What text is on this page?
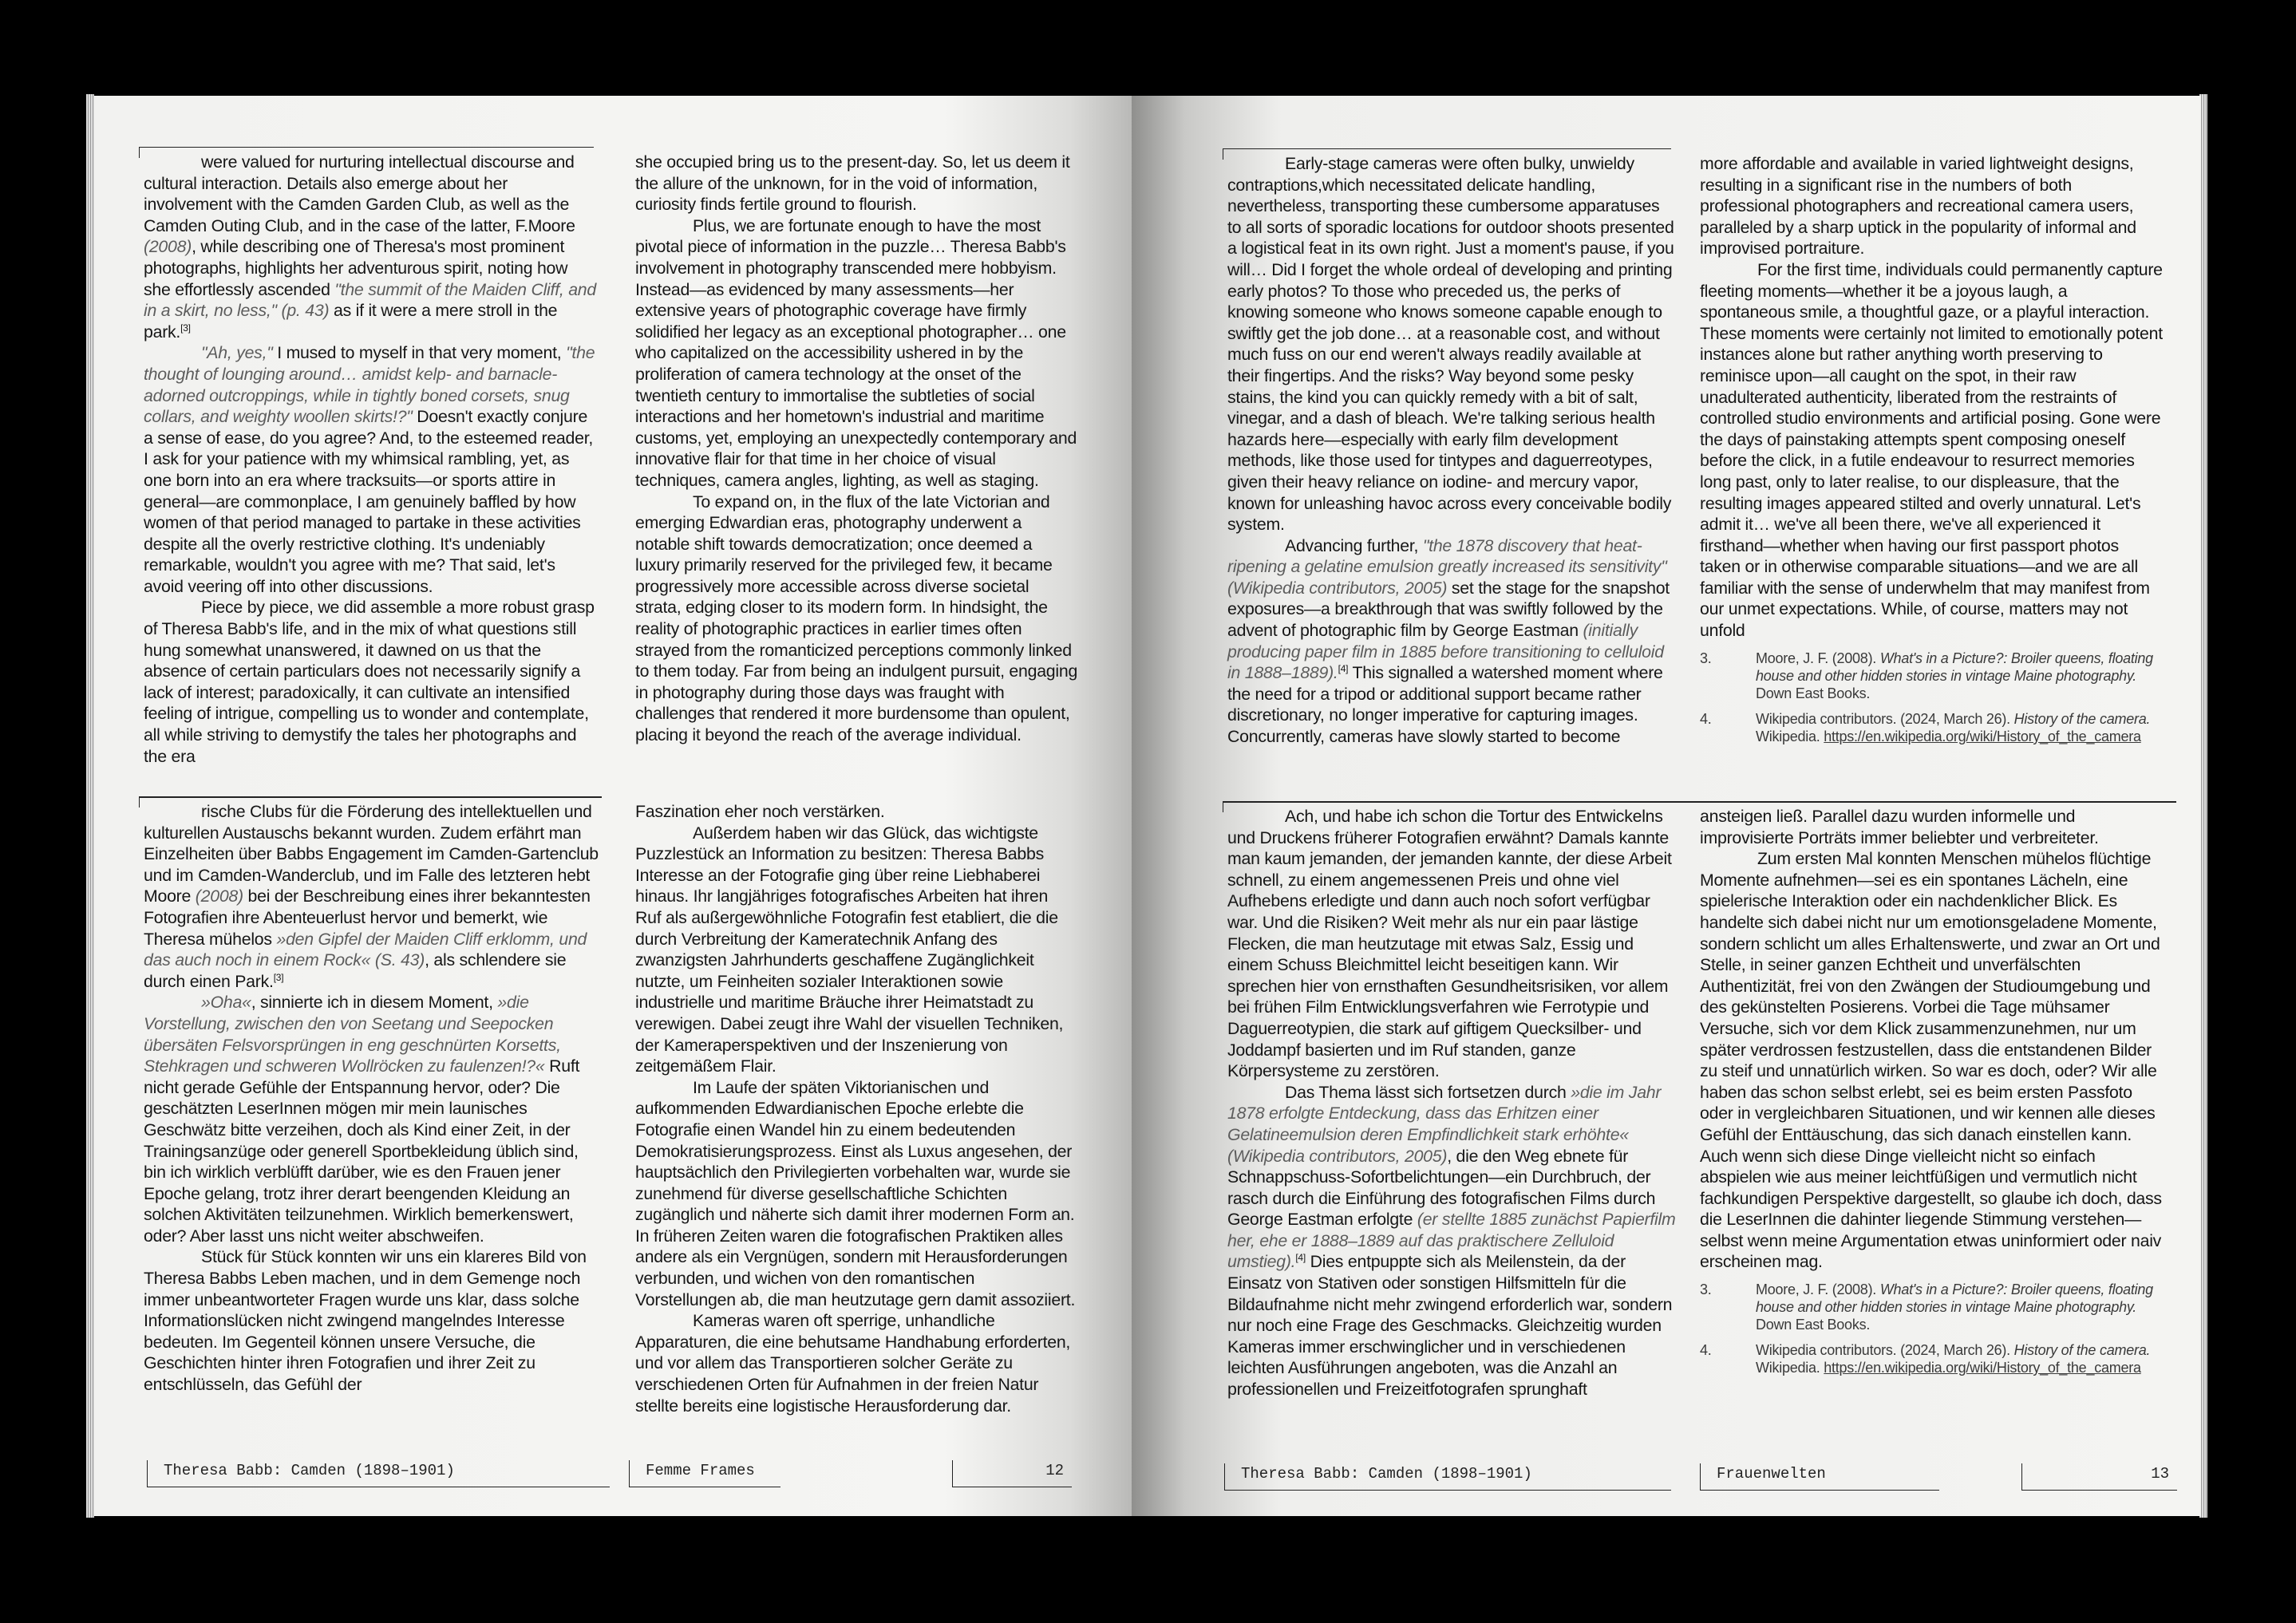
were valued for nurturing intellectual discourse and cultural interaction. Details also emerge about her involvement with the Camden Garden Club, as well as the Camden Outing Club, and in the case of the latter, F.Moore (2008), while describing one of Theresa's most prominent photographs, highlights her adventurous spirit, noting how she effortlessly ascended "the summit of the Maiden Cliff, and in a skirt, no less," (p. 43) as if it were a mere stroll in the park.[3]

"Ah, yes," I mused to myself in that very moment, "the thought of lounging around… amidst kelp- and barnacle-adorned outcroppings, while in tightly boned corsets, snug collars, and weighty woollen skirts!?" Doesn't exactly conjure a sense of ease, do you agree? And, to the esteemed reader, I ask for your patience with my whimsical rambling, yet, as one born into an era where tracksuits—or sports attire in general—are commonplace, I am genuinely baffled by how women of that period managed to partake in these activities despite all the overly restrictive clothing. It's undeniably remarkable, wouldn't you agree with me? That said, let's avoid veering off into other discussions.

Piece by piece, we did assemble a more robust grasp of Theresa Babb's life, and in the mix of what questions still hung somewhat unanswered, it dawned on us that the absence of certain particulars does not necessarily signify a lack of interest; paradoxically, it can cultivate an intensified feeling of intrigue, compelling us to wonder and contemplate, all while striving to demystify the tales her photographs and the era

she occupied bring us to the present-day. So, let us deem it the allure of the unknown, for in the void of information, curiosity finds fertile ground to flourish.

Plus, we are fortunate enough to have the most pivotal piece of information in the puzzle… Theresa Babb's involvement in photography transcended mere hobbyism. Instead—as evidenced by many assessments—her extensive years of photographic coverage have firmly solidified her legacy as an exceptional photographer… one who capitalized on the accessibility ushered in by the proliferation of camera technology at the onset of the twentieth century to immortalise the subtleties of social interactions and her hometown's industrial and maritime customs, yet, employing an unexpectedly contemporary and innovative flair for that time in her choice of visual techniques, camera angles, lighting, as well as staging.

To expand on, in the flux of the late Victorian and emerging Edwardian eras, photography underwent a notable shift towards democratization; once deemed a luxury primarily reserved for the privileged few, it became progressively more accessible across diverse societal strata, edging closer to its modern form. In hindsight, the reality of photographic practices in earlier times often strayed from the romanticized perceptions commonly linked to them today. Far from being an indulgent pursuit, engaging in photography during those days was fraught with challenges that rendered it more burdensome than opulent, placing it beyond the reach of the average individual.

rische Clubs für die Förderung des intellektuellen und kulturellen Austauschs bekannt wurden. Zudem erfährt man Einzelheiten über Babbs Engagement im Camden-Gartenclub und im Camden-Wanderclub, und im Falle des letzteren hebt Moore (2008) bei der Beschreibung eines ihrer bekanntesten Fotografien ihre Abenteuerlust hervor und bemerkt, wie Theresa mühelos »den Gipfel der Maiden Cliff erklomm, und das auch noch in einem Rock« (S. 43), als schlendere sie durch einen Park.[3]

»Oha«, sinnierte ich in diesem Moment, »die Vorstellung, zwischen den von Seetang und Seepocken übersäten Felsvorsprüngen in eng geschnürten Korsetts, Stehkragen und schweren Wollröcken zu faulenzen!?« Ruft nicht gerade Gefühle der Entspannung hervor, oder? Die geschätzten LeserInnen mögen mir mein launisches Geschwätz bitte verzeihen, doch als Kind einer Zeit, in der Trainingsanzüge oder generell Sportbekleidung üblich sind, bin ich wirklich verblüfft darüber, wie es den Frauen jener Epoche gelang, trotz ihrer derart beengenden Kleidung an solchen Aktivitäten teilzunehmen. Wirklich bemerkenswert, oder? Aber lasst uns nicht weiter abschweifen.

Stück für Stück konnten wir uns ein klareres Bild von Theresa Babbs Leben machen, und in dem Gemenge noch immer unbeantworteter Fragen wurde uns klar, dass solche Informationslücken nicht zwingend mangelndes Interesse bedeuten. Im Gegenteil können unsere Versuche, die Geschichten hinter ihren Fotografien und ihrer Zeit zu entschlüsseln, das Gefühl der

Faszination eher noch verstärken.

Außerdem haben wir das Glück, das wichtigste Puzzlestück an Information zu besitzen: Theresa Babbs Interesse an der Fotografie ging über reine Liebhaberei hinaus. Ihr langjähriges fotografisches Arbeiten hat ihren Ruf als außergewöhnliche Fotografin fest etabliert, die die durch Verbreitung der Kameratechnik Anfang des zwanzigsten Jahrhunderts geschaffene Zugänglichkeit nutzte, um Feinheiten sozialer Interaktionen sowie industrielle und maritime Bräuche ihrer Heimatstadt zu verewigen. Dabei zeugt ihre Wahl der visuellen Techniken, der Kameraperspektiven und der Inszenierung von zeitgemäßem Flair.

Im Laufe der späten Viktorianischen und aufkommenden Edwardianischen Epoche erlebte die Fotografie einen Wandel hin zu einem bedeutenden Demokratisierungsprozess. Einst als Luxus angesehen, der hauptsächlich den Privilegierten vorbehalten war, wurde sie zunehmend für diverse gesellschaftliche Schichten zugänglich und näherte sich damit ihrer modernen Form an. In früheren Zeiten waren die fotografischen Praktiken alles andere als ein Vergnügen, sondern mit Herausforderungen verbunden, und wichen von den romantischen Vorstellungen ab, die man heutzutage gern damit assoziiert.

Kameras waren oft sperrige, unhandliche Apparaturen, die eine behutsame Handhabung erforderten, und vor allem das Transportieren solcher Geräte zu verschiedenen Orten für Aufnahmen in der freien Natur stellte bereits eine logistische Herausforderung dar.

Theresa Babb: Camden (1898–1901)	Femme Frames	12

Early-stage cameras were often bulky, unwieldy contraptions,which necessitated delicate handling, nevertheless, transporting these cumbersome apparatuses to all sorts of sporadic locations for outdoor shoots presented a logistical feat in its own right. Just a moment's pause, if you will… Did I forget the whole ordeal of developing and printing early photos? To those who preceded us, the perks of knowing someone who knows someone capable enough to swiftly get the job done… at a reasonable cost, and without much fuss on our end weren't always readily available at their fingertips. And the risks? Way beyond some pesky stains, the kind you can quickly remedy with a bit of salt, vinegar, and a dash of bleach. We're talking serious health hazards here—especially with early film development methods, like those used for tintypes and daguerreotypes, given their heavy reliance on iodine- and mercury vapor, known for unleashing havoc across every conceivable bodily system.

Advancing further, "the 1878 discovery that heat-ripening a gelatine emulsion greatly increased its sensitivity" (Wikipedia contributors, 2005) set the stage for the snapshot exposures—a breakthrough that was swiftly followed by the advent of photographic film by George Eastman (initially producing paper film in 1885 before transitioning to celluloid in 1888–1889).[4] This signalled a watershed moment where the need for a tripod or additional support became rather discretionary, no longer imperative for capturing images. Concurrently, cameras have slowly started to become

more affordable and available in varied lightweight designs, resulting in a significant rise in the numbers of both professional photographers and recreational camera users, paralleled by a sharp uptick in the popularity of informal and improvised portraiture.

For the first time, individuals could permanently capture fleeting moments—whether it be a joyous laugh, a spontaneous smile, a thoughtful gaze, or a playful interaction. These moments were certainly not limited to emotionally potent instances alone but rather anything worth preserving to reminisce upon—all caught on the spot, in their raw unadulterated authenticity, liberated from the restraints of controlled studio environments and artificial posing. Gone were the days of painstaking attempts spent composing oneself before the click, in a futile endeavour to resurrect memories long past, only to later realise, to our displeasure, that the resulting images appeared stilted and overly unnatural. Let's admit it… we've all been there, we've all experienced it firsthand—whether when having our first passport photos taken or in otherwise comparable situations—and we are all familiar with the sense of underwhelm that may manifest from our unmet expectations. While, of course, matters may not unfold

3.	Moore, J. F. (2008). What's in a Picture?: Broiler queens, floating house and other hidden stories in vintage Maine photography. Down East Books.
4.	Wikipedia contributors. (2024, March 26). History of the camera. Wikipedia. https://en.wikipedia.org/wiki/History_of_the_camera

Ach, und habe ich schon die Tortur des Entwickelns und Druckens früherer Fotografien erwähnt? Damals kannte man kaum jemanden, der jemanden kannte, der diese Arbeit schnell, zu einem angemessenen Preis und ohne viel Aufhebens erledigte und dann auch noch sofort verfügbar war. Und die Risiken? Weit mehr als nur ein paar lästige Flecken, die man heutzutage mit etwas Salz, Essig und einem Schuss Bleichmittel leicht beseitigen kann. Wir sprechen hier von ernsthaften Gesundheitsrisiken, vor allem bei frühen Film Entwicklungsverfahren wie Ferrotypie und Daguerreotypien, die stark auf giftigem Quecksilber- und Joddampf basierten und im Ruf standen, ganze Körpersysteme zu zerstören.

Das Thema lässt sich fortsetzen durch »die im Jahr 1878 erfolgte Entdeckung, dass das Erhitzen einer Gelatineemulsion deren Empfindlichkeit stark erhöhte« (Wikipedia contributors, 2005), die den Weg ebnete für Schnappschuss-Sofortbelichtungen—ein Durchbruch, der rasch durch die Einführung des fotografischen Films durch George Eastman erfolgte (er stellte 1885 zunächst Papierfilm her, ehe er 1888–1889 auf das praktischere Zelluloid umstieg).[4] Dies entpuppte sich als Meilenstein, da der Einsatz von Stativen oder sonstigen Hilfsmitteln für die Bildaufnahme nicht mehr zwingend erforderlich war, sondern nur noch eine Frage des Geschmacks. Gleichzeitig wurden Kameras immer erschwinglicher und in verschiedenen leichten Ausführungen angeboten, was die Anzahl an professionellen und Freizeitfotografen sprunghaft

ansteigen ließ. Parallel dazu wurden informelle und improvisierte Porträts immer beliebter und verbreiteter.

Zum ersten Mal konnten Menschen mühelos flüchtige Momente aufnehmen—sei es ein spontanes Lächeln, eine spielerische Interaktion oder ein nachdenklicher Blick. Es handelte sich dabei nicht nur um emotionsgeladene Momente, sondern schlicht um alles Erhaltenswerte, und zwar an Ort und Stelle, in seiner ganzen Echtheit und unverfälschten Authentizität, frei von den Zwängen der Studioumgebung und des gekünstelten Posierens. Vorbei die Tage mühsamer Versuche, sich vor dem Klick zusammenzunehmen, nur um später verdrossen festzustellen, dass die entstandenen Bilder zu steif und unnatürlich wirken. So war es doch, oder? Wir alle haben das schon selbst erlebt, sei es beim ersten Passfoto oder in vergleichbaren Situationen, und wir kennen alle dieses Gefühl der Enttäuschung, das sich danach einstellen kann. Auch wenn sich diese Dinge vielleicht nicht so einfach abspielen wie aus meiner leichtfüßigen und vermutlich nicht fachkundigen Perspektive dargestellt, so glaube ich doch, dass die LeserInnen die dahinter liegende Stimmung verstehen—selbst wenn meine Argumentation etwas uninformiert oder naiv erscheinen mag.

3.	Moore, J. F. (2008). What's in a Picture?: Broiler queens, floating house and other hidden stories in vintage Maine photography. Down East Books.
4.	Wikipedia contributors. (2024, March 26). History of the camera. Wikipedia. https://en.wikipedia.org/wiki/History_of_the_camera
Theresa Babb: Camden (1898–1901)	Frauenwelten	13
